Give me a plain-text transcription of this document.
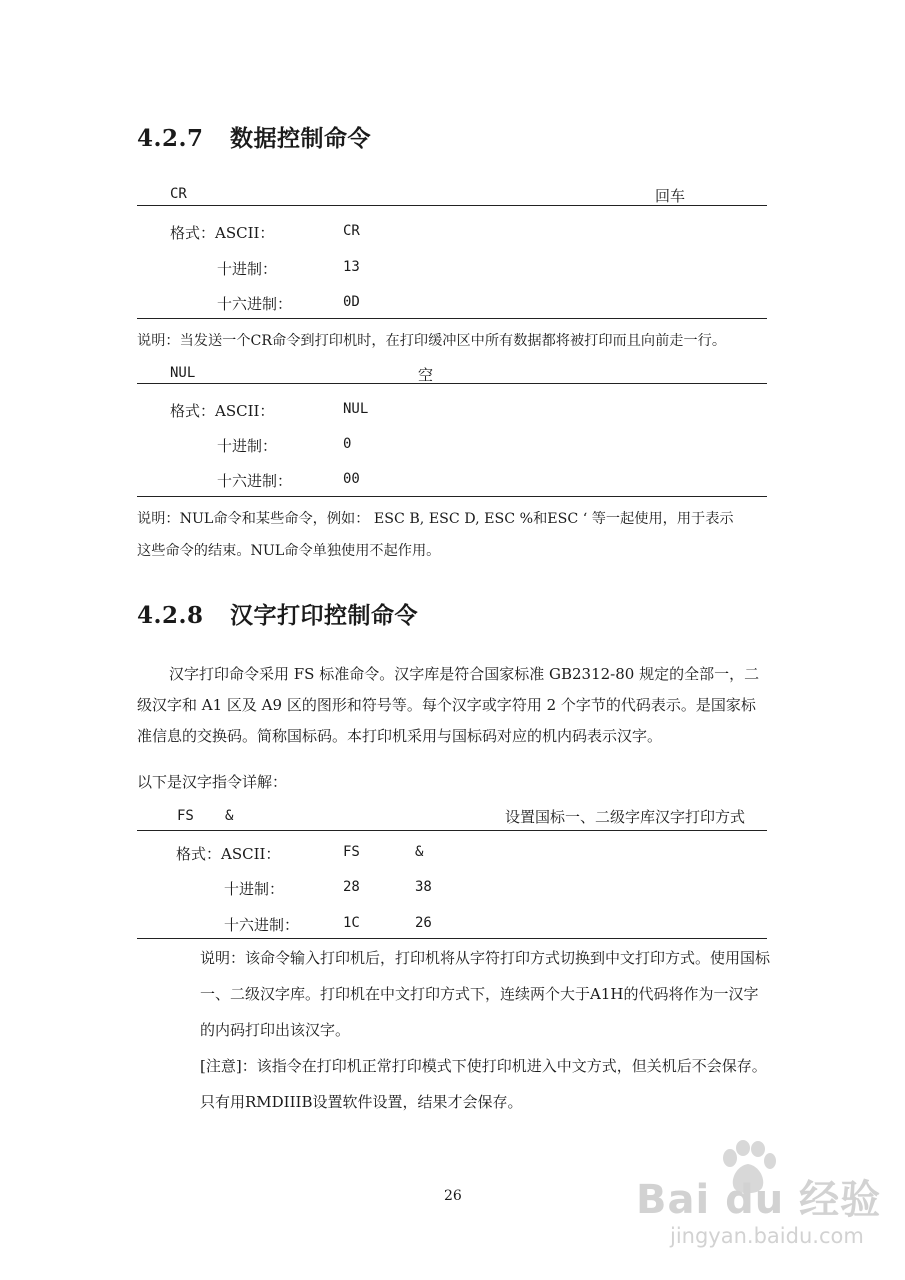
4.2.7 数据控制命令
CR	回车
格式：ASCII：	CR
十进制：	13
十六进制：	0D
说明：当发送一个CR命令到打印机时，在打印缓冲区中所有数据都将被打印而且向前走一行。
NUL	空
格式：ASCII：	NUL
十进制：	0
十六进制：	00
说明：NUL命令和某些命令，例如： ESC B, ESC D, ESC %和ESC ‘ 等一起使用，用于表示
这些命令的结束。NUL命令单独使用不起作用。
4.2.8 汉字打印控制命令
汉字打印命令采用 FS 标准命令。汉字库是符合国家标准 GB2312-80 规定的全部一，二级汉字和 A1 区及 A9 区的图形和符号等。每个汉字或字符用 2 个字节的代码表示。是国家标准信息的交换码。简称国标码。本打印机采用与国标码对应的机内码表示汉字。
以下是汉字指令详解：
FS &	设置国标一、二级字库汉字打印方式
格式：ASCII：	FS	&
十进制：	28	38
十六进制：	1C	26
说明：该命令输入打印机后，打印机将从字符打印方式切换到中文打印方式。使用国标一、二级汉字库。打印机在中文打印方式下，连续两个大于A1H的代码将作为一汉字的内码打印出该汉字。
[注意]：该指令在打印机正常打印模式下使打印机进入中文方式，但关机后不会保存。只有用RMDIIIB设置软件设置，结果才会保存。
26	Bai du 经验
jingyan.baidu.com
